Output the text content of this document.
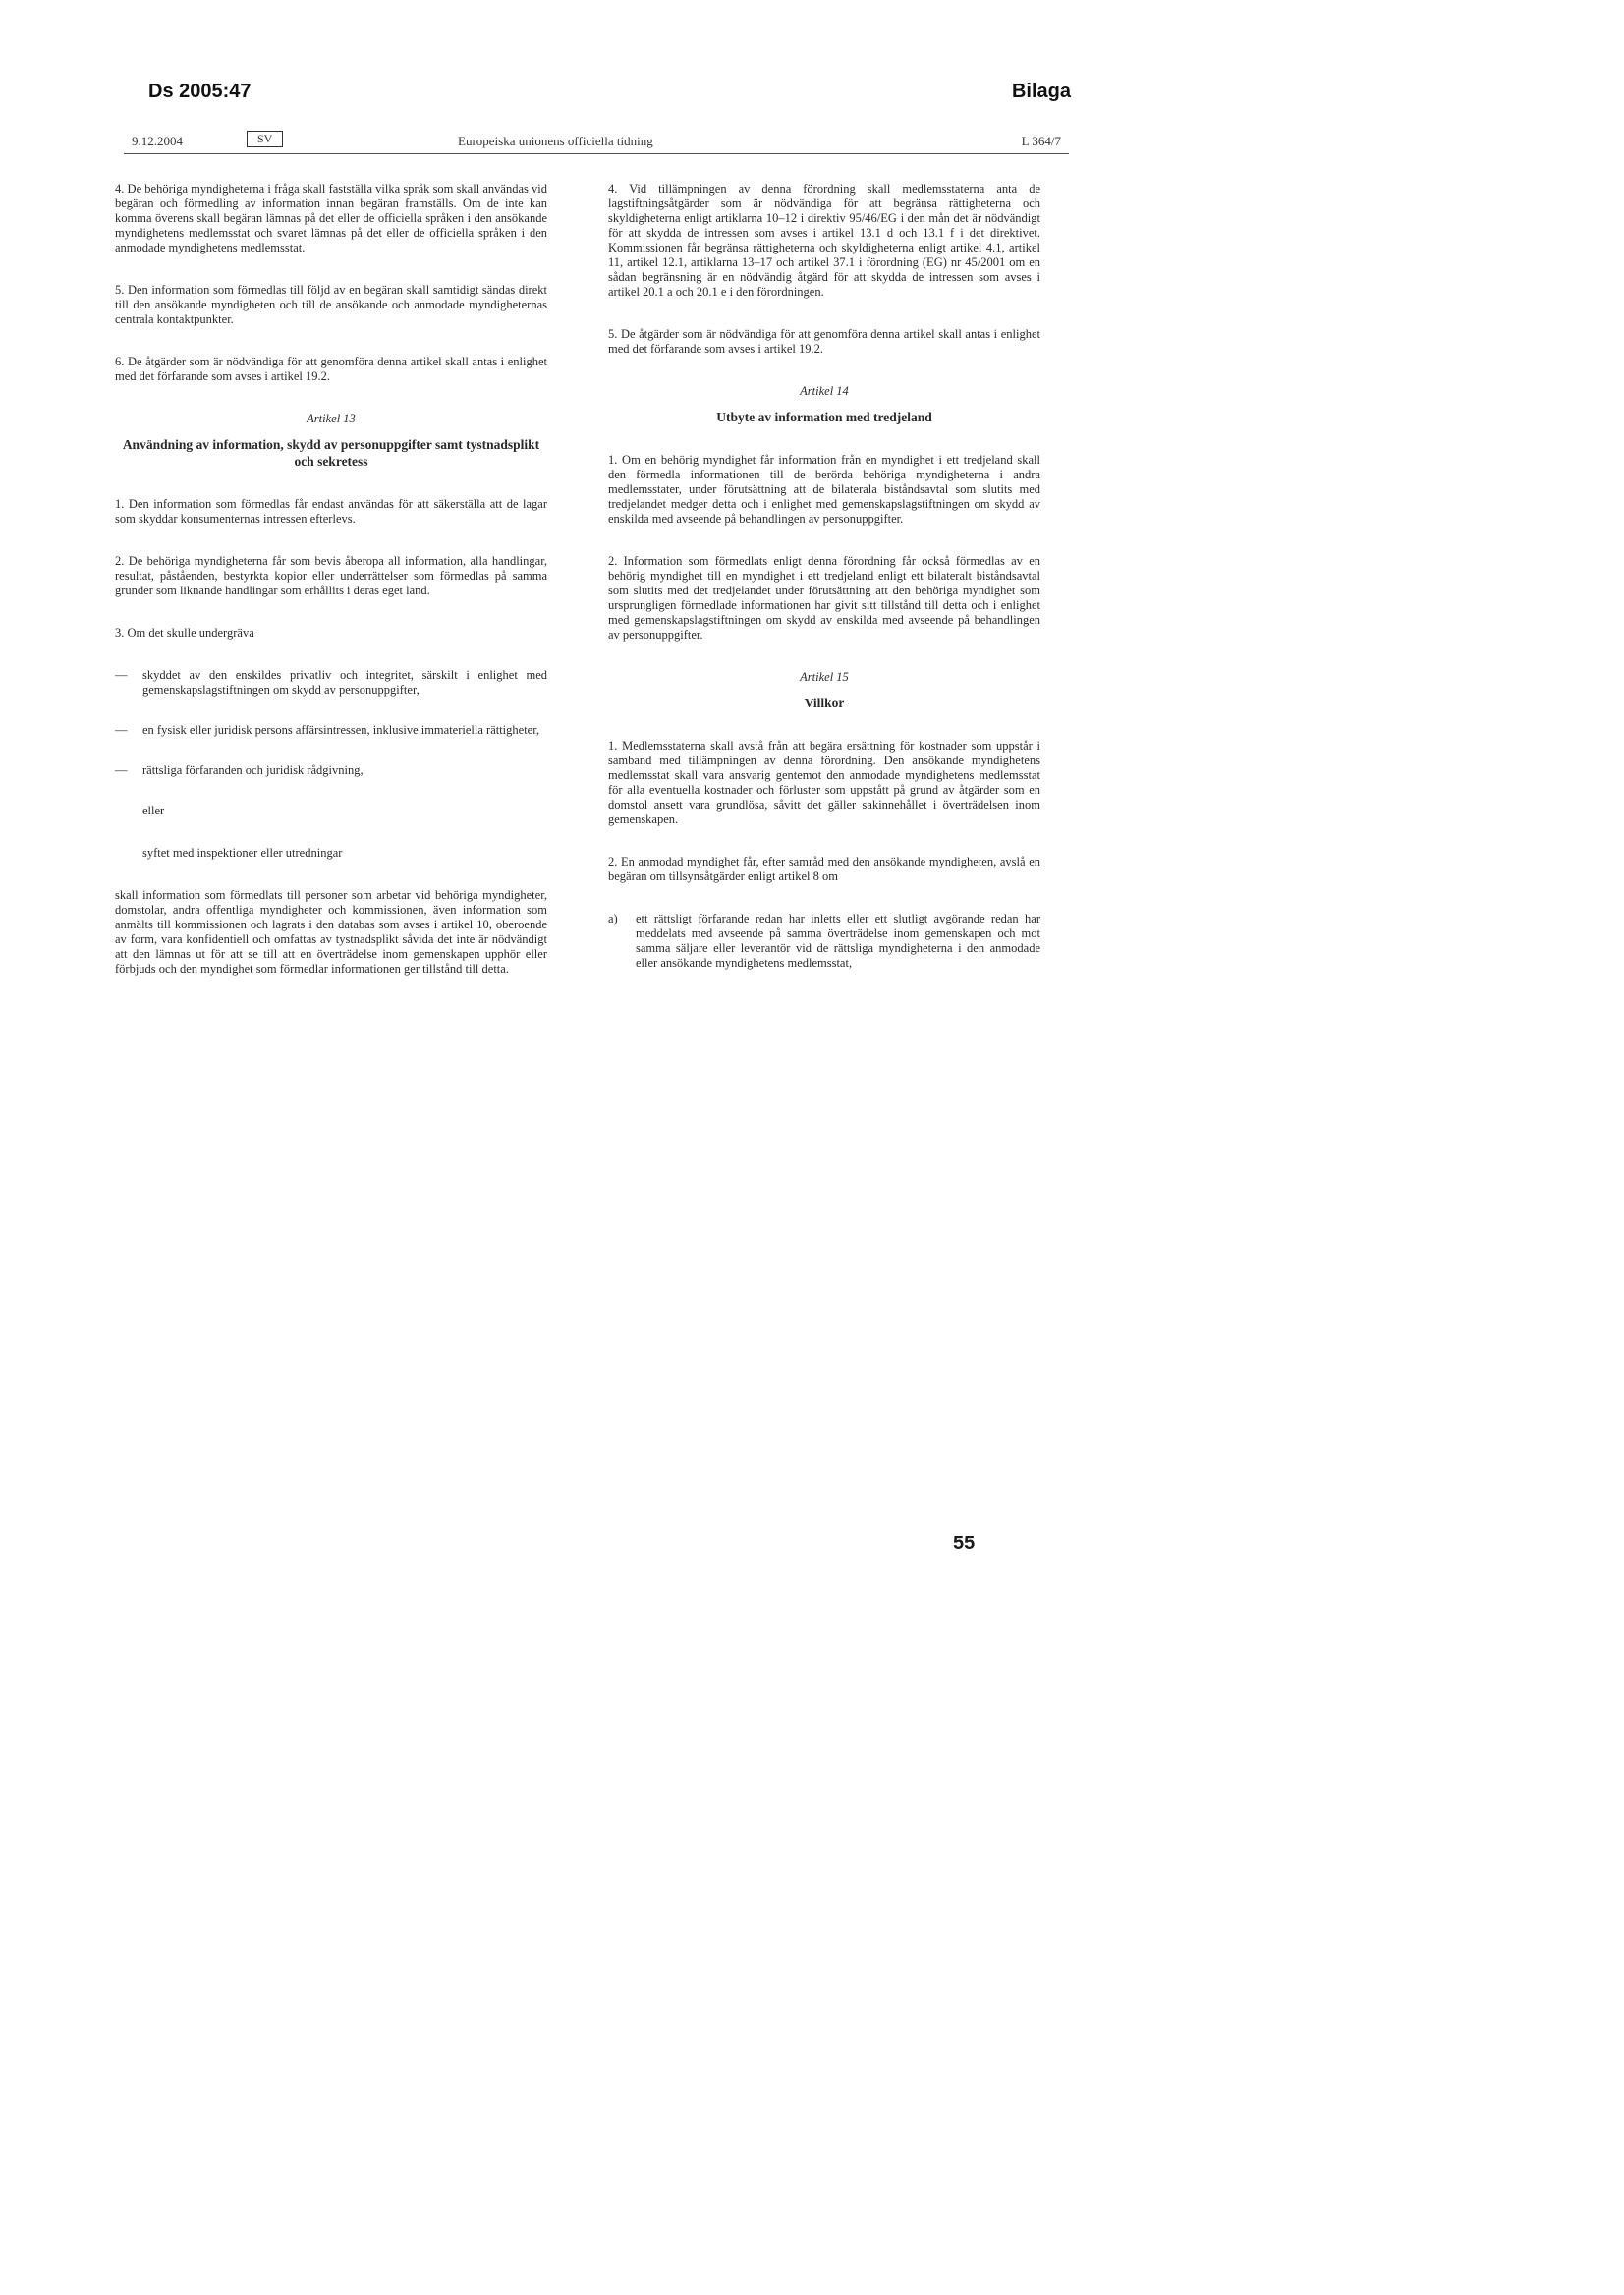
Ds 2005:47	Bilaga
9.12.2004	SV	Europeiska unionens officiella tidning	L 364/7

4. De behöriga myndigheterna i fråga skall fastställa vilka språk som skall användas vid begäran och förmedling av information innan begäran framställs. Om de inte kan komma överens skall begäran lämnas på det eller de officiella språken i den ansökande myndighetens medlemsstat och svaret lämnas på det eller de officiella språken i den anmodade myndighetens medlemsstat.

5. Den information som förmedlas till följd av en begäran skall samtidigt sändas direkt till den ansökande myndigheten och till de ansökande och anmodade myndigheternas centrala kontaktpunkter.

6. De åtgärder som är nödvändiga för att genomföra denna artikel skall antas i enlighet med det förfarande som avses i artikel 19.2.

Artikel 13
Användning av information, skydd av personuppgifter samt tystnadsplikt och sekretess

1. Den information som förmedlas får endast användas för att säkerställa att de lagar som skyddar konsumenternas intressen efterlevs.

2. De behöriga myndigheterna får som bevis åberopa all information, alla handlingar, resultat, påståenden, bestyrkta kopior eller underrättelser som förmedlas på samma grunder som liknande handlingar som erhållits i deras eget land.

3. Om det skulle undergräva

—	skyddet av den enskildes privatliv och integritet, särskilt i enlighet med gemenskapslagstiftningen om skydd av personuppgifter,
—	en fysisk eller juridisk persons affärsintressen, inklusive immateriella rättigheter,
—	rättsliga förfaranden och juridisk rådgivning,

eller

syftet med inspektioner eller utredningar

skall information som förmedlats till personer som arbetar vid behöriga myndigheter, domstolar, andra offentliga myndigheter och kommissionen, även information som anmälts till kommissionen och lagrats i den databas som avses i artikel 10, oberoende av form, vara konfidentiell och omfattas av tystnadsplikt såvida det inte är nödvändigt att den lämnas ut för att se till att en överträdelse inom gemenskapen upphör eller förbjuds och den myndighet som förmedlar informationen ger tillstånd till detta.

4. Vid tillämpningen av denna förordning skall medlemsstaterna anta de lagstiftningsåtgärder som är nödvändiga för att begränsa rättigheterna och skyldigheterna enligt artiklarna 10–12 i direktiv 95/46/EG i den mån det är nödvändigt för att skydda de intressen som avses i artikel 13.1 d och 13.1 f i det direktivet. Kommissionen får begränsa rättigheterna och skyldigheterna enligt artikel 4.1, artikel 11, artikel 12.1, artiklarna 13–17 och artikel 37.1 i förordning (EG) nr 45/2001 om en sådan begränsning är en nödvändig åtgärd för att skydda de intressen som avses i artikel 20.1 a och 20.1 e i den förordningen.

5. De åtgärder som är nödvändiga för att genomföra denna artikel skall antas i enlighet med det förfarande som avses i artikel 19.2.

Artikel 14
Utbyte av information med tredjeland

1. Om en behörig myndighet får information från en myndighet i ett tredjeland skall den förmedla informationen till de berörda behöriga myndigheterna i andra medlemsstater, under förutsättning att de bilaterala biståndsavtal som slutits med tredjelandet medger detta och i enlighet med gemenskapslagstiftningen om skydd av enskilda med avseende på behandlingen av personuppgifter.

2. Information som förmedlats enligt denna förordning får också förmedlas av en behörig myndighet till en myndighet i ett tredjeland enligt ett bilateralt biståndsavtal som slutits med det tredjelandet under förutsättning att den behöriga myndighet som ursprungligen förmedlade informationen har givit sitt tillstånd till detta och i enlighet med gemenskapslagstiftningen om skydd av enskilda med avseende på behandlingen av personuppgifter.

Artikel 15
Villkor

1. Medlemsstaterna skall avstå från att begära ersättning för kostnader som uppstår i samband med tillämpningen av denna förordning. Den ansökande myndighetens medlemsstat skall vara ansvarig gentemot den anmodade myndighetens medlemsstat för alla eventuella kostnader och förluster som uppstått på grund av åtgärder som en domstol ansett vara grundlösa, såvitt det gäller sakinnehållet i överträdelsen inom gemenskapen.

2. En anmodad myndighet får, efter samråd med den ansökande myndigheten, avslå en begäran om tillsynsåtgärder enligt artikel 8 om

a)	ett rättsligt förfarande redan har inletts eller ett slutligt avgörande redan har meddelats med avseende på samma överträdelse inom gemenskapen och mot samma säljare eller leverantör vid de rättsliga myndigheterna i den anmodade eller ansökande myndighetens medlemsstat,
55
